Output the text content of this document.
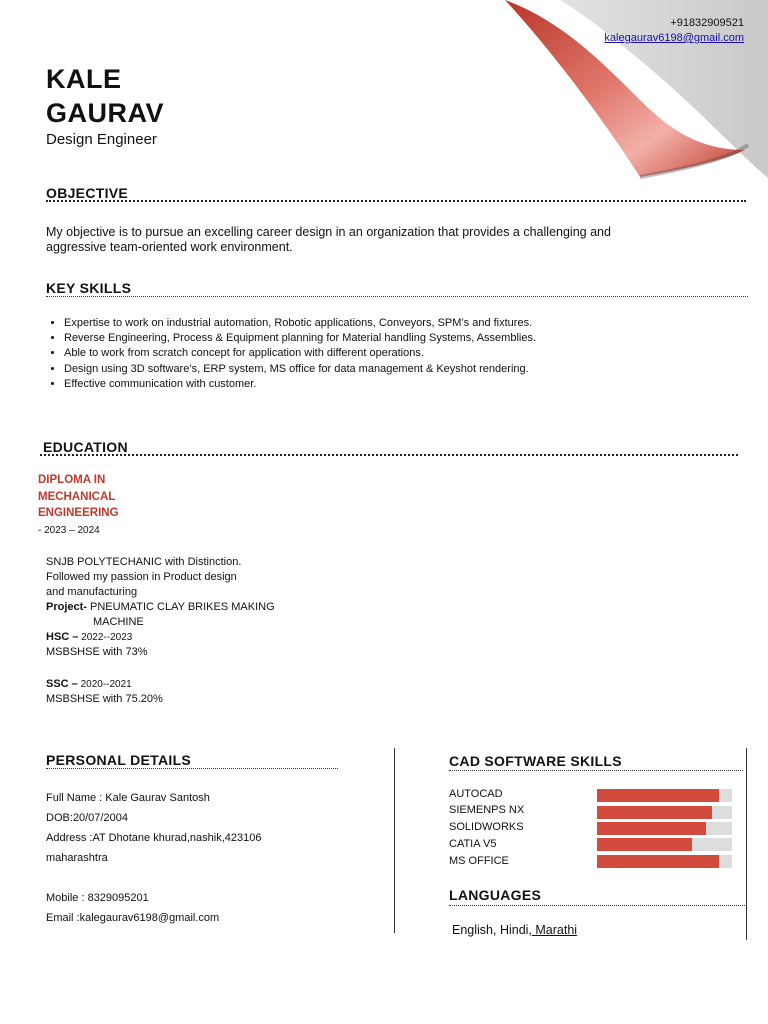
+91832909521
kalegaurav6198@gmail.com
KALE
GAURAV
Design Engineer
OBJECTIVE
My objective is to pursue an excelling career design in an organization that provides a challenging and aggressive team-oriented work environment.
KEY SKILLS
• Expertise to work on industrial automation, Robotic applications, Conveyors, SPM’s and fixtures.
• Reverse Engineering, Process & Equipment planning for Material handling Systems, Assemblies.
• Able to work from scratch concept for application with different operations.
• Design using 3D software’s, ERP system, MS office for data management & Keyshot rendering.
• Effective communication with customer.
EDUCATION
DIPLOMA IN
MECHANICAL
ENGINEERING
- 2023 – 2024
SNJB POLYTECHANIC with Distinction.
Followed my passion in Product design
and manufacturing
Project- PNEUMATIC CLAY BRIKES MAKING
MACHINE
HSC – 2022--2023
MSBSHSE with 73%
SSC – 2020--2021
MSBSHSE with 75.20%
PERSONAL DETAILS
Full Name : Kale Gaurav Santosh
DOB:20/07/2004
Address :AT Dhotane khurad,nashik,423106
maharashtra
Mobile : 8329095201
Email :kalegaurav6198@gmail.com
CAD SOFTWARE SKILLS
AUTOCAD
SIEMENPS NX
SOLIDWORKS
CATIA V5
MS OFFICE
LANGUAGES
English, Hindi, Marathi
